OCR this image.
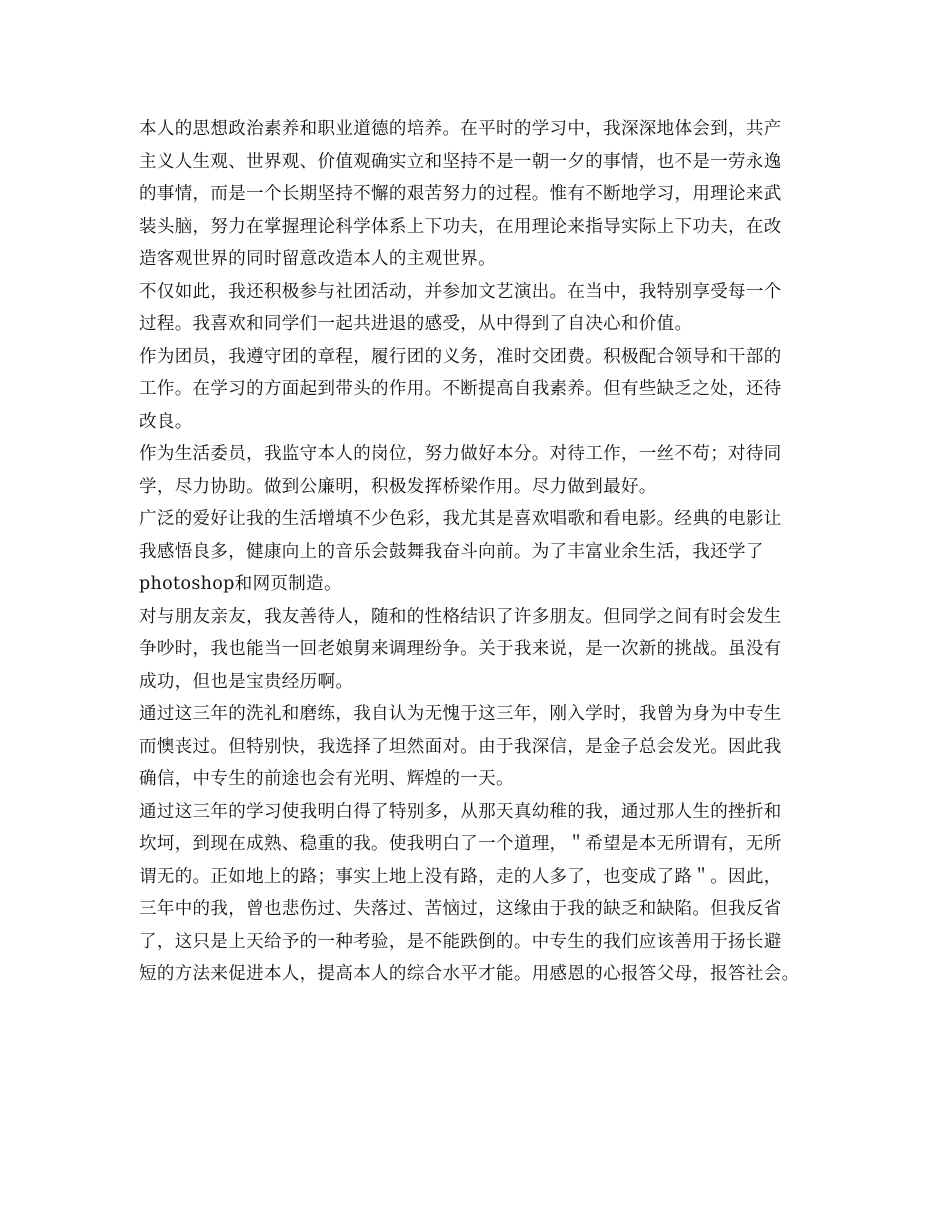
本人的思想政治素养和职业道德的培养。在平时的学习中，我深深地体会到，共产
主义人生观、世界观、价值观确实立和坚持不是一朝一夕的事情，也不是一劳永逸
的事情，而是一个长期坚持不懈的艰苦努力的过程。惟有不断地学习，用理论来武
装头脑，努力在掌握理论科学体系上下功夫，在用理论来指导实际上下功夫，在改
造客观世界的同时留意改造本人的主观世界。
不仅如此，我还积极参与社团活动，并参加文艺演出。在当中，我特别享受每一个
过程。我喜欢和同学们一起共进退的感受，从中得到了自决心和价值。
作为团员，我遵守团的章程，履行团的义务，准时交团费。积极配合领导和干部的
工作。在学习的方面起到带头的作用。不断提高自我素养。但有些缺乏之处，还待
改良。
作为生活委员，我监守本人的岗位，努力做好本分。对待工作，一丝不苟；对待同
学，尽力协助。做到公廉明，积极发挥桥梁作用。尽力做到最好。
广泛的爱好让我的生活增填不少色彩，我尤其是喜欢唱歌和看电影。经典的电影让
我感悟良多，健康向上的音乐会鼓舞我奋斗向前。为了丰富业余生活，我还学了
photoshop和网页制造。
对与朋友亲友，我友善待人，随和的性格结识了许多朋友。但同学之间有时会发生
争吵时，我也能当一回老娘舅来调理纷争。关于我来说，是一次新的挑战。虽没有
成功，但也是宝贵经历啊。
通过这三年的洗礼和磨练，我自认为无愧于这三年，刚入学时，我曾为身为中专生
而懊丧过。但特别快，我选择了坦然面对。由于我深信，是金子总会发光。因此我
确信，中专生的前途也会有光明、辉煌的一天。
通过这三年的学习使我明白得了特别多，从那天真幼稚的我，通过那人生的挫折和
坎坷，到现在成熟、稳重的我。使我明白了一个道理，＂希望是本无所谓有，无所
谓无的。正如地上的路；事实上地上没有路，走的人多了，也变成了路＂。因此，
三年中的我，曾也悲伤过、失落过、苦恼过，这缘由于我的缺乏和缺陷。但我反省
了，这只是上天给予的一种考验，是不能跌倒的。中专生的我们应该善用于扬长避
短的方法来促进本人，提高本人的综合水平才能。用感恩的心报答父母，报答社会。
